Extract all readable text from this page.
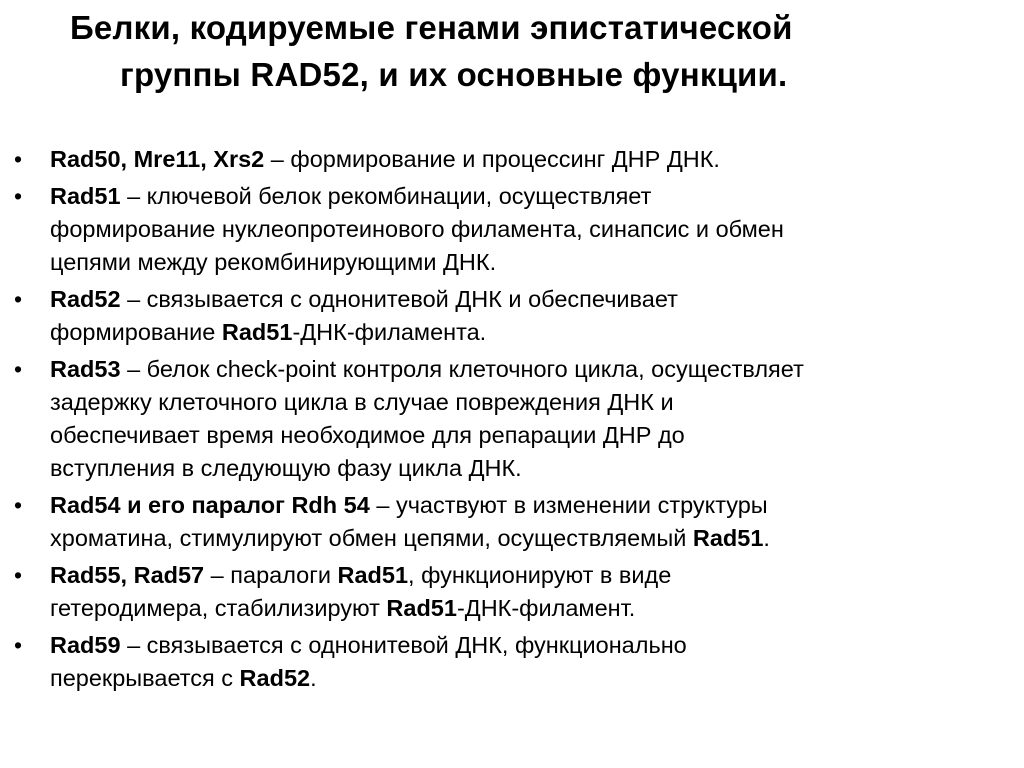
Белки, кодируемые генами эпистатической
группы RAD52, и их основные функции.
• Rad50, Mre11, Xrs2 – формирование и процессинг ДНР ДНК.
• Rad51 – ключевой белок рекомбинации, осуществляет
формирование нуклеопротеинового филамента, синапсис и обмен
цепями между рекомбинирующими ДНК.
• Rad52 – связывается с однонитевой ДНК и обеспечивает
формирование Rad51-ДНК-филамента.
• Rad53 – белок check-point контроля клеточного цикла, осуществляет
задержку клеточного цикла в случае повреждения ДНК и
обеспечивает время необходимое для репарации ДНР до
вступления в следующую фазу цикла ДНК.
• Rad54 и его паралог Rdh 54 – участвуют в изменении структуры
хроматина, стимулируют обмен цепями, осуществляемый Rad51.
• Rad55, Rad57 – паралоги Rad51, функционируют в виде
гетеродимера, стабилизируют Rad51-ДНК-филамент.
• Rad59 – связывается с однонитевой ДНК, функционально
перекрывается с Rad52.
